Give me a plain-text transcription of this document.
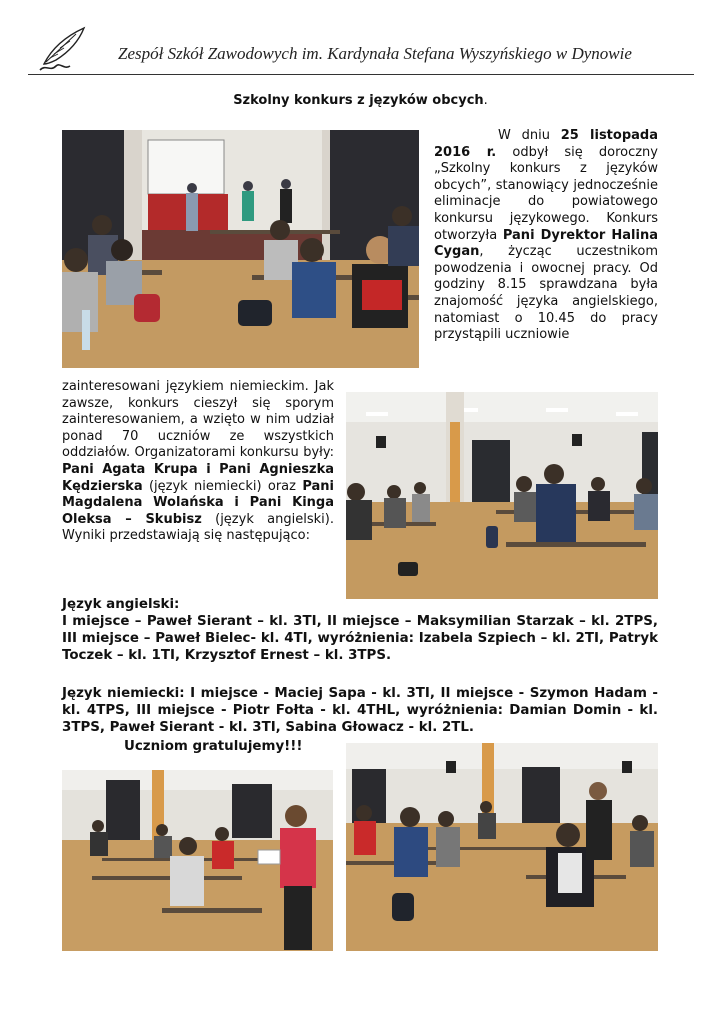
Zespół Szkół Zawodowych im. Kardynała Stefana Wyszyńskiego w Dynowie
Szkolny konkurs z języków obcych.
W dniu 25 listopada 2016 r. odbył się doroczny „Szkolny konkurs z języków obcych”, stanowiący jednocześnie eliminacje do powiatowego konkursu językowego. Konkurs otworzyła Pani Dyrektor Halina Cygan, życząc uczestnikom powodzenia i owocnej pracy. Od godziny 8.15 sprawdzana była znajomość języka angielskiego, natomiast o 10.45 do pracy przystąpili uczniowie
zainteresowani językiem niemieckim. Jak zawsze, konkurs cieszył się sporym zainteresowaniem, a wzięto w nim udział ponad 70 uczniów ze wszystkich oddziałów. Organizatorami konkursu były: Pani Agata Krupa i Pani Agnieszka Kędzierska (język niemiecki) oraz Pani Magdalena Wolańska i Pani Kinga Oleksa – Skubisz (język angielski). Wyniki przedstawiają się następująco:
Język angielski:
I miejsce – Paweł Sierant – kl. 3TI, II miejsce – Maksymilian Starzak – kl. 2TPS, III miejsce – Paweł Bielec- kl. 4TI, wyróżnienia: Izabela Szpiech – kl. 2TI, Patryk Toczek – kl. 1TI, Krzysztof Ernest – kl. 3TPS.
Język niemiecki: I miejsce - Maciej Sapa - kl. 3TI, II miejsce - Szymon Hadam - kl. 4TPS, III miejsce - Piotr Fołta - kl. 4THL, wyróżnienia: Damian Domin - kl. 3TPS, Paweł Sierant - kl. 3TI, Sabina Głowacz - kl. 2TL.
Uczniom gratulujemy!!!
